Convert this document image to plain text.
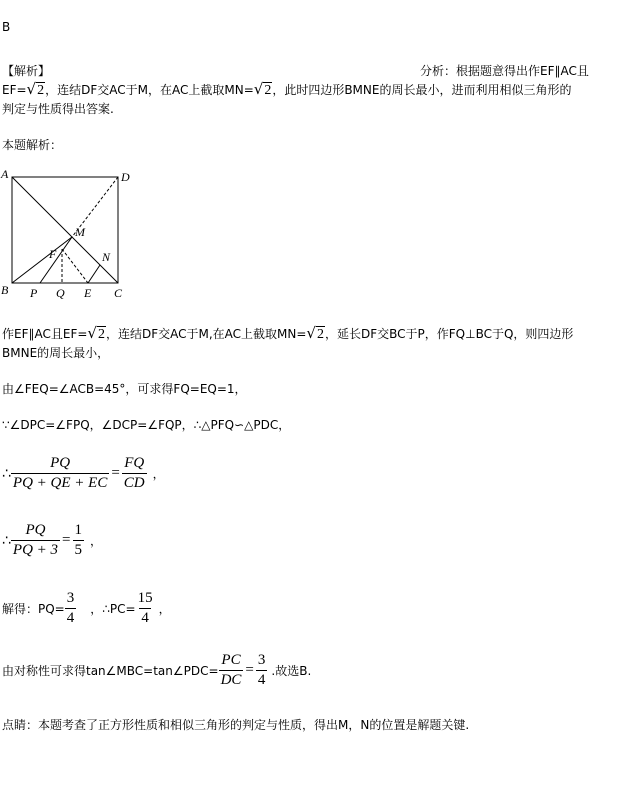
B
【解析】	分析：根据题意得出作EF∥AC且
EF=√2，连结DF交AC于M，在AC上截取MN=√2，此时四边形BMNE的周长最小，进而利用相似三角形的
判定与性质得出答案.
本题解析：
A	D
M
N
F
B P Q E C
作EF∥AC且EF=√2，连结DF交AC于M,在AC上截取MN=√2，延长DF交BC于P，作FQ⊥BC于Q，则四边形
BMNE的周长最小，
由∠FEQ=∠ACB=45°，可求得FQ=EQ=1，
∵∠DPC=∠FPQ，∠DCP=∠FQP，∴△PFQ∽△PDC，
∴ $\frac{PQ}{PQ + QE + EC} = \frac{FQ}{CD}$ ，
∴ $\frac{PQ}{PQ + 3} = \frac{1}{5}$ ，
解得：$PQ= \frac{3}{4}$	，∴PC= $\frac{15}{4}$ ，
由对称性可求得tan∠MBC=tan∠PDC= $\frac{PC}{DC} = \frac{3}{4}$ .故选B.
点睛：本题考查了正方形性质和相似三角形的判定与性质，得出M，N的位置是解题关键.
